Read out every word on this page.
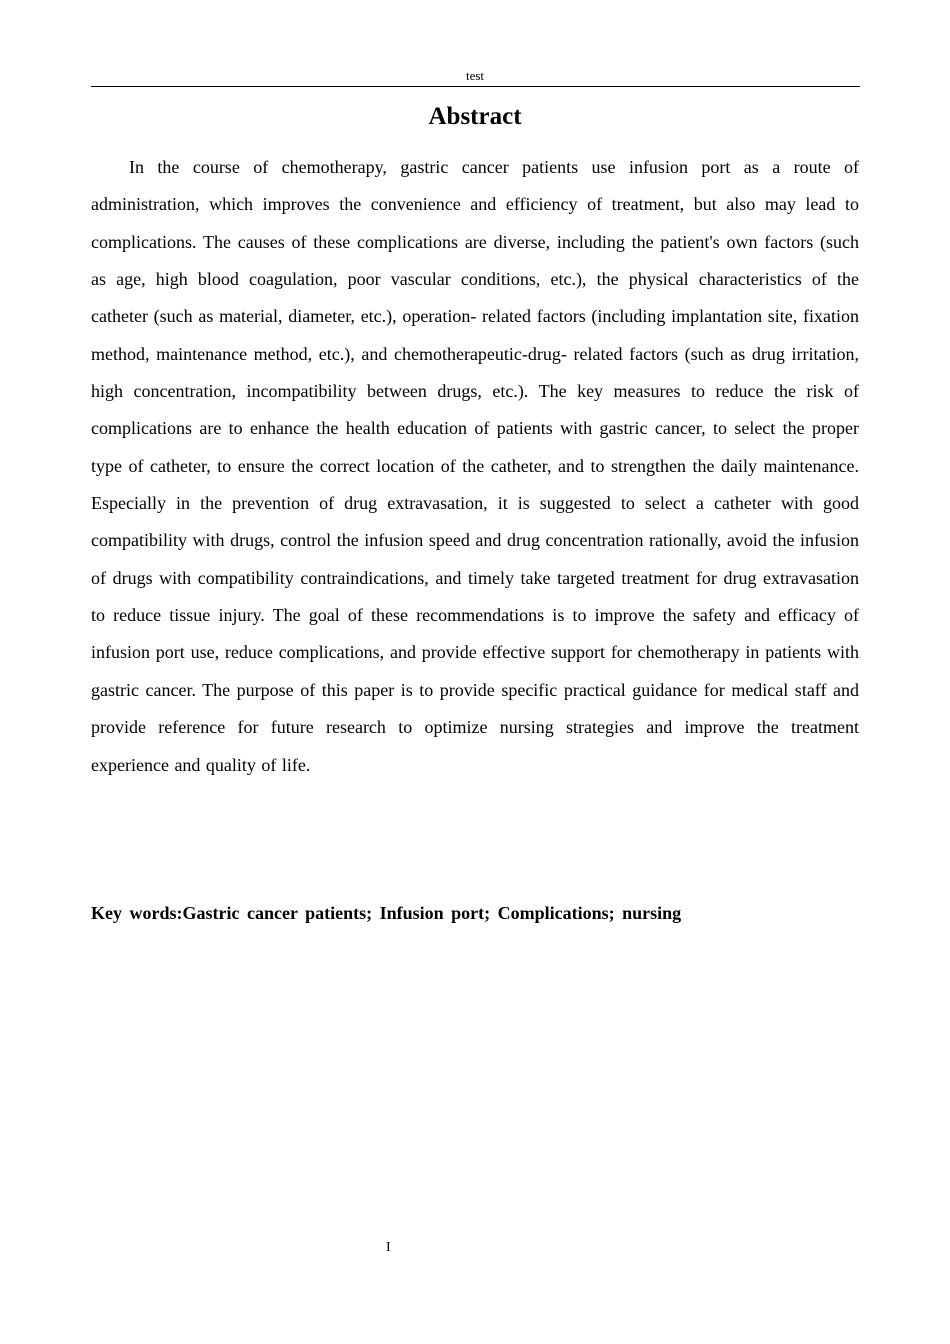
test
Abstract

In the course of chemotherapy, gastric cancer patients use infusion port as a route of administration, which improves the convenience and efficiency of treatment, but also may lead to complications. The causes of these complications are diverse, including the patient's own factors (such as age, high blood coagulation, poor vascular conditions, etc.), the physical characteristics of the catheter (such as material, diameter, etc.), operation- related factors (including implantation site, fixation method, maintenance method, etc.), and chemotherapeutic-drug- related factors (such as drug irritation, high concentration, incompatibility between drugs, etc.). The key measures to reduce the risk of complications are to enhance the health education of patients with gastric cancer, to select the proper type of catheter, to ensure the correct location of the catheter, and to strengthen the daily maintenance. Especially in the prevention of drug extravasation, it is suggested to select a catheter with good compatibility with drugs, control the infusion speed and drug concentration rationally, avoid the infusion of drugs with compatibility contraindications, and timely take targeted treatment for drug extravasation to reduce tissue injury. The goal of these recommendations is to improve the safety and efficacy of infusion port use, reduce complications, and provide effective support for chemotherapy in patients with gastric cancer. The purpose of this paper is to provide specific practical guidance for medical staff and provide reference for future research to optimize nursing strategies and improve the treatment experience and quality of life.

Key words:Gastric cancer patients; Infusion port; Complications; nursing
I
